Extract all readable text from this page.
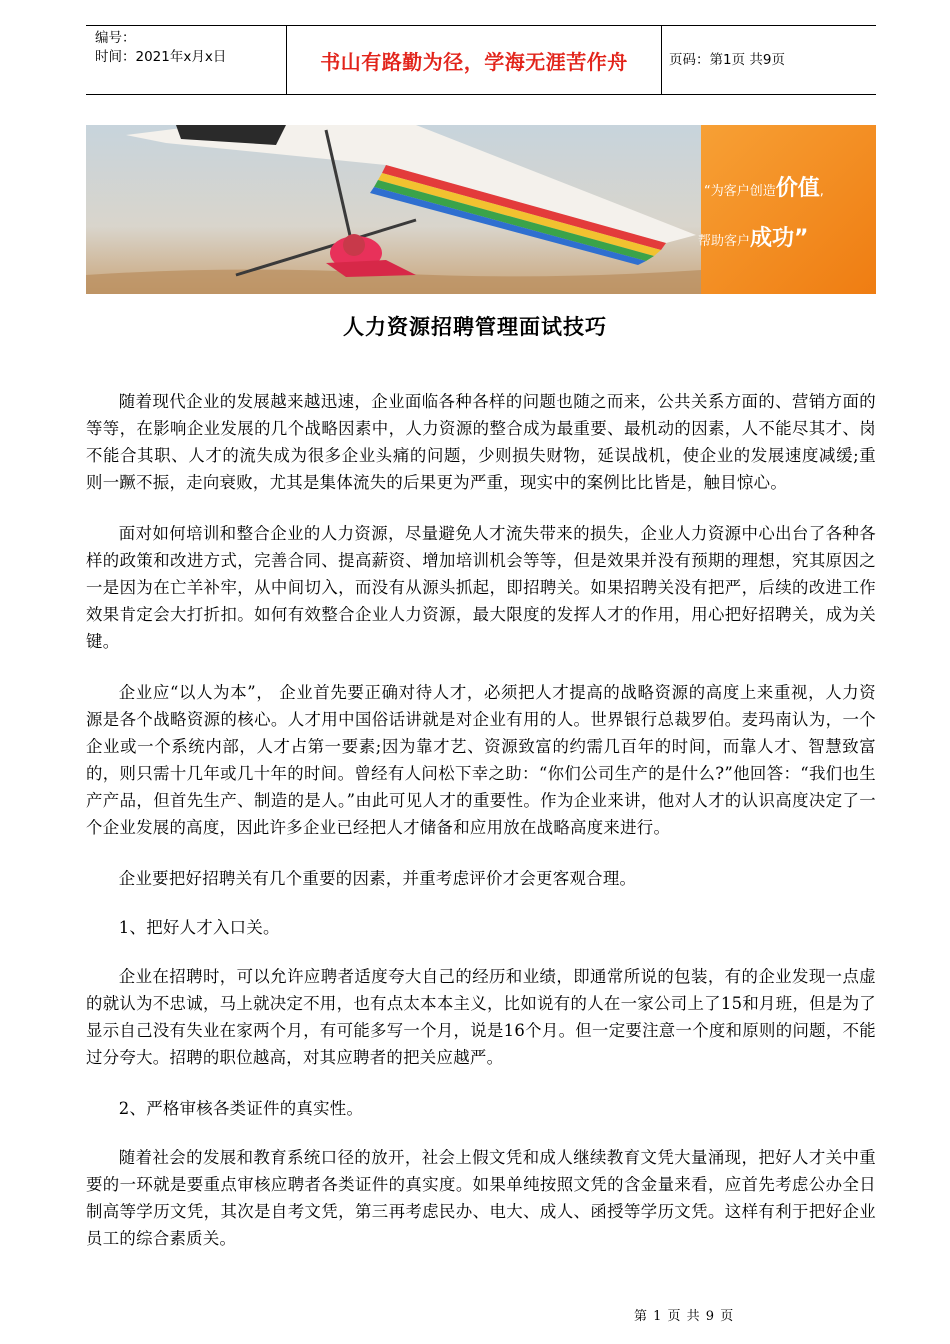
编号：
时间：2021年x月x日	书山有路勤为径，学海无涯苦作舟	页码：第1页 共9页
“为客户创造价值,
帮助客户成功”
人力资源招聘管理面试技巧

随着现代企业的发展越来越迅速，企业面临各种各样的问题也随之而来，公共关系方面的、营销方面的等等，在影响企业发展的几个战略因素中，人力资源的整合成为最重要、最机动的因素，人不能尽其才、岗不能合其职、人才的流失成为很多企业头痛的问题，少则损失财物，延误战机，使企业的发展速度减缓;重则一蹶不振，走向衰败，尤其是集体流失的后果更为严重，现实中的案例比比皆是，触目惊心。

面对如何培训和整合企业的人力资源，尽量避免人才流失带来的损失，企业人力资源中心出台了各种各样的政策和改进方式，完善合同、提高薪资、增加培训机会等等，但是效果并没有预期的理想，究其原因之一是因为在亡羊补牢，从中间切入，而没有从源头抓起，即招聘关。如果招聘关没有把严，后续的改进工作效果肯定会大打折扣。如何有效整合企业人力资源，最大限度的发挥人才的作用，用心把好招聘关，成为关键。

企业应“以人为本”， 企业首先要正确对待人才，必须把人才提高的战略资源的高度上来重视，人力资源是各个战略资源的核心。人才用中国俗话讲就是对企业有用的人。世界银行总裁罗伯。麦玛南认为，一个企业或一个系统内部，人才占第一要素;因为靠才艺、资源致富的约需几百年的时间，而靠人才、智慧致富的，则只需十几年或几十年的时间。曾经有人问松下幸之助：“你们公司生产的是什么?”他回答：“我们也生产产品，但首先生产、制造的是人。”由此可见人才的重要性。作为企业来讲，他对人才的认识高度决定了一个企业发展的高度，因此许多企业已经把人才储备和应用放在战略高度来进行。

企业要把好招聘关有几个重要的因素，并重考虑评价才会更客观合理。

1、把好人才入口关。

企业在招聘时，可以允许应聘者适度夸大自己的经历和业绩，即通常所说的包装，有的企业发现一点虚的就认为不忠诚，马上就决定不用，也有点太本本主义，比如说有的人在一家公司上了15和月班，但是为了显示自己没有失业在家两个月，有可能多写一个月，说是16个月。但一定要注意一个度和原则的问题，不能过分夸大。招聘的职位越高，对其应聘者的把关应越严。

2、严格审核各类证件的真实性。

随着社会的发展和教育系统口径的放开，社会上假文凭和成人继续教育文凭大量涌现，把好人才关中重要的一环就是要重点审核应聘者各类证件的真实度。如果单纯按照文凭的含金量来看，应首先考虑公办全日制高等学历文凭，其次是自考文凭，第三再考虑民办、电大、成人、函授等学历文凭。这样有利于把好企业员工的综合素质关。

第 1 页 共 9 页
